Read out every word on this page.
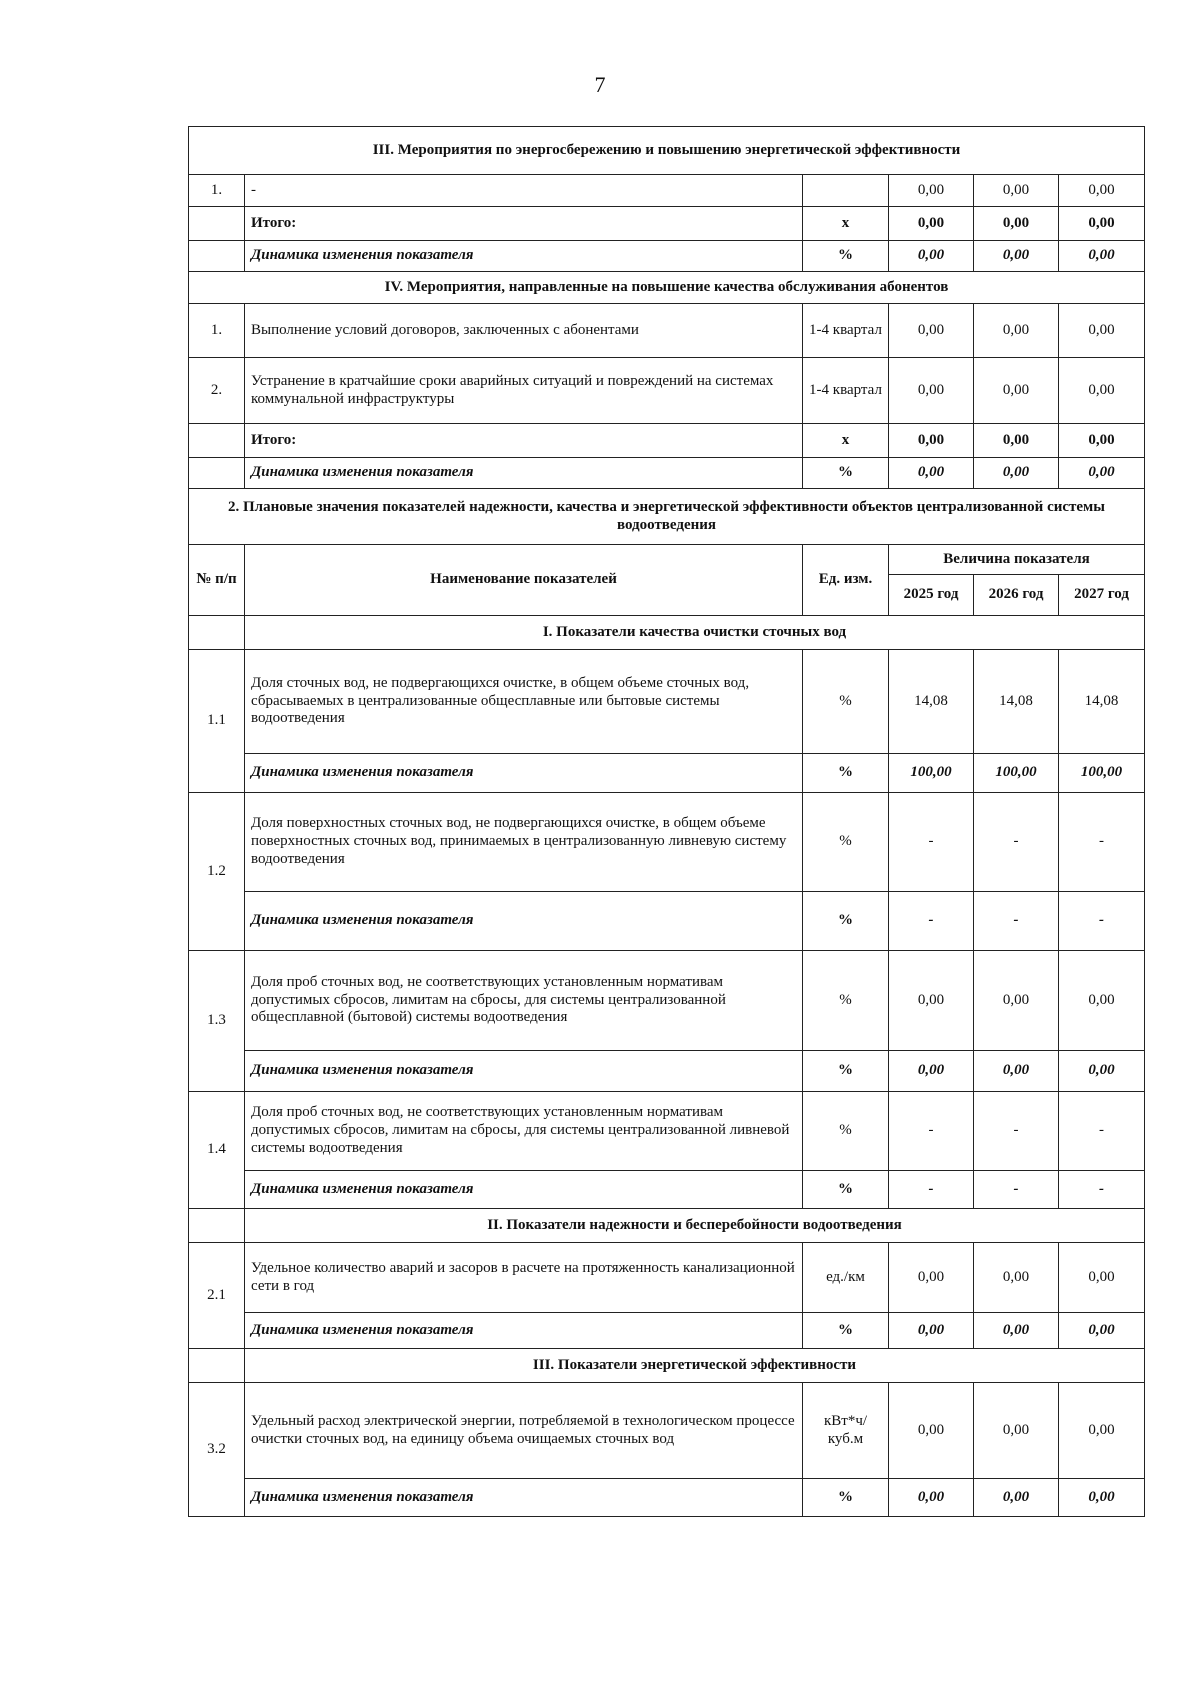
7
III. Мероприятия по энергосбережению и повышению энергетической эффективности					
1.	-		0,00	0,00	0,00
	Итого:	х	0,00	0,00	0,00
	Динамика изменения показателя	%	0,00	0,00	0,00
IV. Мероприятия, направленные на повышение качества обслуживания абонентов					
1.	Выполнение условий договоров, заключенных с абонентами	1-4 квартал	0,00	0,00	0,00
2.	Устранение в кратчайшие сроки аварийных ситуаций и повреждений на системах коммунальной инфраструктуры	1-4 квартал	0,00	0,00	0,00
	Итого:	х	0,00	0,00	0,00
	Динамика изменения показателя	%	0,00	0,00	0,00
2. Плановые значения показателей надежности, качества и энергетической эффективности объектов централизованной системы водоотведения					
№ п/п	Наименование показателей	Ед. изм.	Величина показателя		
			2025 год	2026 год	2027 год
	I. Показатели качества очистки сточных вод				
1.1	Доля сточных вод, не подвергающихся очистке, в общем объеме сточных вод, сбрасываемых в централизованные общесплавные или бытовые системы водоотведения	%	14,08	14,08	14,08
	Динамика изменения показателя	%	100,00	100,00	100,00
1.2	Доля поверхностных сточных вод, не подвергающихся очистке, в общем объеме поверхностных сточных вод, принимаемых в централизованную ливневую систему водоотведения	%	-	-	-
	Динамика изменения показателя	%	-	-	-
1.3	Доля проб сточных вод, не соответствующих установленным нормативам допустимых сбросов, лимитам на сбросы, для системы централизованной общесплавной (бытовой) системы водоотведения	%	0,00	0,00	0,00
	Динамика изменения показателя	%	0,00	0,00	0,00
1.4	Доля проб сточных вод, не соответствующих установленным нормативам допустимых сбросов, лимитам на сбросы, для системы централизованной ливневой системы водоотведения	%	-	-	-
	Динамика изменения показателя	%	-	-	-
	II. Показатели надежности и бесперебойности водоотведения				
2.1	Удельное количество аварий и засоров в расчете на протяженность канализационной сети в год	ед./км	0,00	0,00	0,00
	Динамика изменения показателя	%	0,00	0,00	0,00
	III. Показатели энергетической эффективности				
3.2	Удельный расход электрической энергии, потребляемой в технологическом процессе очистки сточных вод, на единицу объема очищаемых сточных вод	кВт*ч/ куб.м	0,00	0,00	0,00
	Динамика изменения показателя	%	0,00	0,00	0,00
